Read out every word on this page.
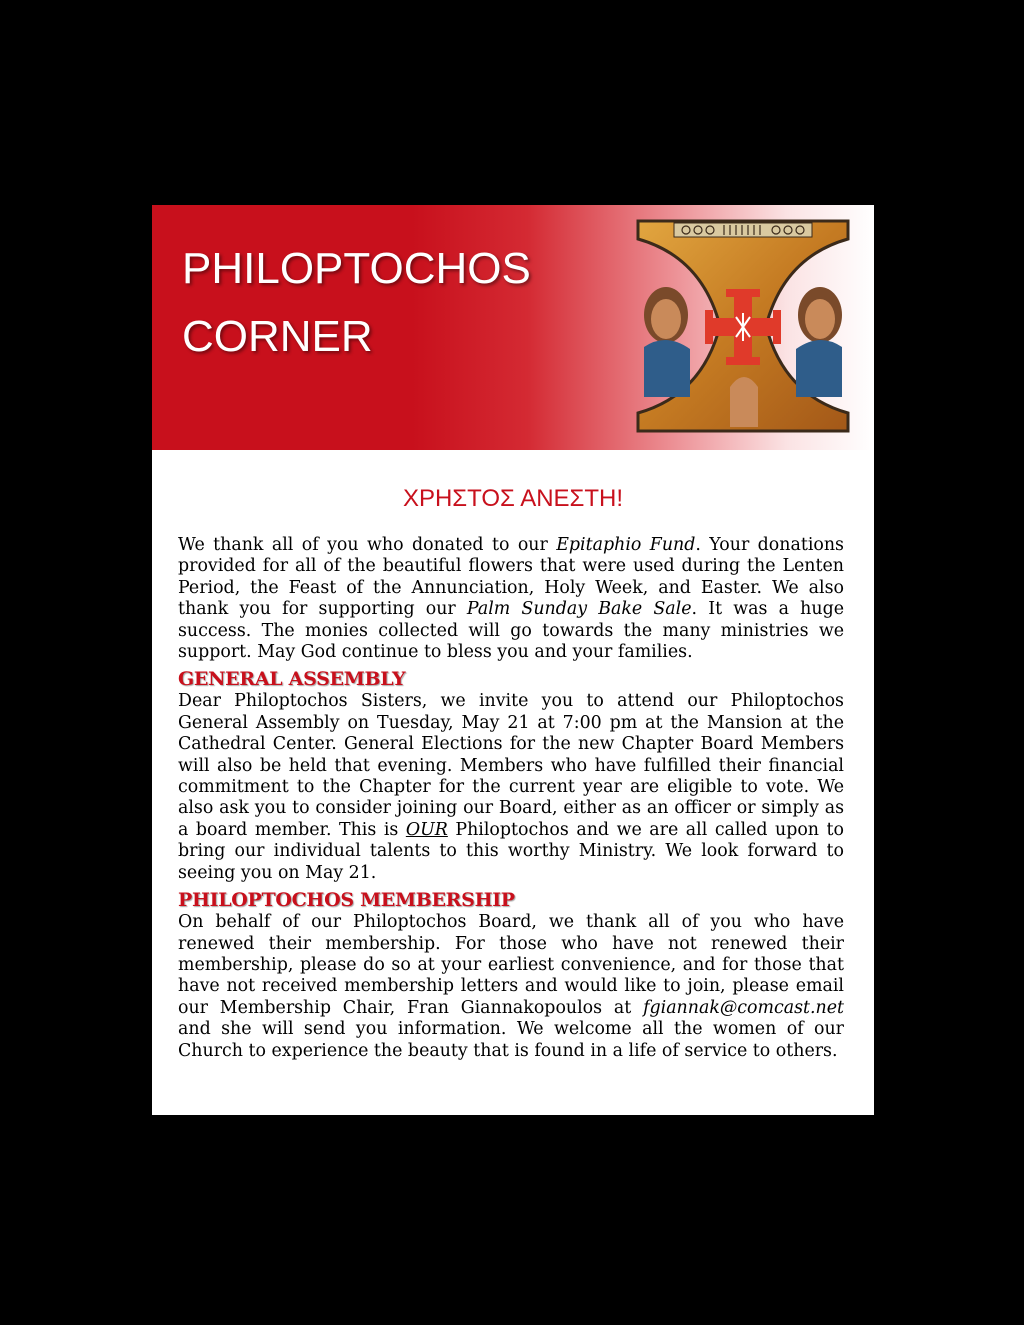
PHILOPTOCHOS
CORNER
ΧΡΗΣΤΟΣ ΑΝΕΣΤΗ!

We thank all of you who donated to our Epitaphio Fund. Your donations provided for all of the beautiful flowers that were used during the Lenten Period, the Feast of the Annunciation, Holy Week, and Easter. We also thank you for supporting our Palm Sunday Bake Sale. It was a huge success. The monies collected will go towards the many ministries we support. May God continue to bless you and your families.

GENERAL ASSEMBLY

Dear Philoptochos Sisters, we invite you to attend our Philoptochos General Assembly on Tuesday, May 21 at 7:00 pm at the Mansion at the Cathedral Center. General Elections for the new Chapter Board Members will also be held that evening. Members who have fulfilled their financial commitment to the Chapter for the current year are eligible to vote. We also ask you to consider joining our Board, either as an officer or simply as a board member. This is OUR Philoptochos and we are all called upon to bring our individual talents to this worthy Ministry. We look forward to seeing you on May 21.

PHILOPTOCHOS MEMBERSHIP

On behalf of our Philoptochos Board, we thank all of you who have renewed their membership. For those who have not renewed their membership, please do so at your earliest convenience, and for those that have not received membership letters and would like to join, please email our Membership Chair, Fran Giannakopoulos at fgiannak@comcast.net and she will send you information. We welcome all the women of our Church to experience the beauty that is found in a life of service to others.
